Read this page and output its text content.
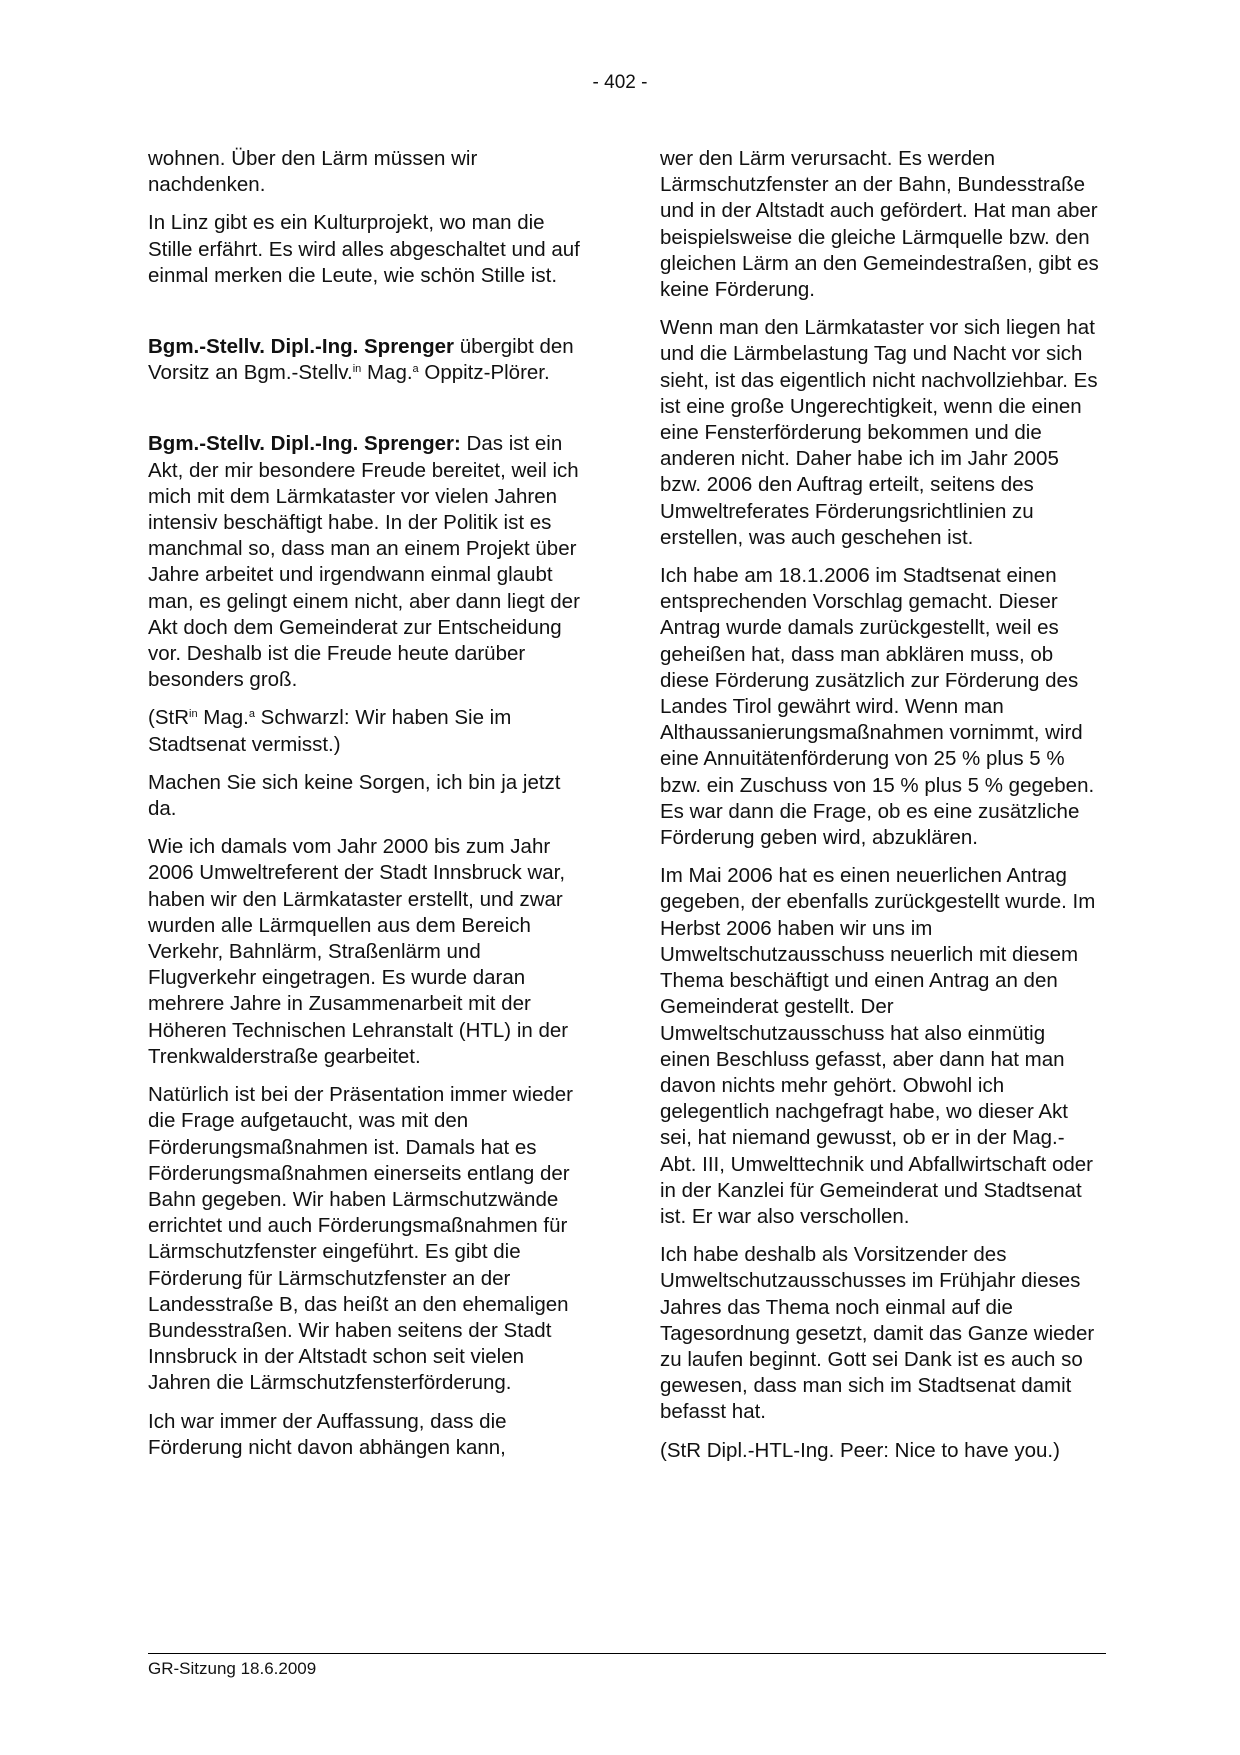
- 402 -

wohnen. Über den Lärm müssen wir nachdenken.

In Linz gibt es ein Kulturprojekt, wo man die Stille erfährt. Es wird alles abgeschaltet und auf einmal merken die Leute, wie schön Stille ist.

Bgm.-Stellv. Dipl.-Ing. Sprenger übergibt den Vorsitz an Bgm.-Stellv.$^{in}$ Mag.$^a$ Oppitz-Plörer.

Bgm.-Stellv. Dipl.-Ing. Sprenger: Das ist ein Akt, der mir besondere Freude bereitet, weil ich mich mit dem Lärmkataster vor vielen Jahren intensiv beschäftigt habe. In der Politik ist es manchmal so, dass man an einem Projekt über Jahre arbeitet und irgendwann einmal glaubt man, es gelingt einem nicht, aber dann liegt der Akt doch dem Gemeinderat zur Entscheidung vor. Deshalb ist die Freude heute darüber besonders groß.

(StR$^{in}$ Mag.$^a$ Schwarzl: Wir haben Sie im Stadtsenat vermisst.)

Machen Sie sich keine Sorgen, ich bin ja jetzt da.

Wie ich damals vom Jahr 2000 bis zum Jahr 2006 Umweltreferent der Stadt Innsbruck war, haben wir den Lärmkataster erstellt, und zwar wurden alle Lärmquellen aus dem Bereich Verkehr, Bahnlärm, Straßenlärm und Flugverkehr eingetragen. Es wurde daran mehrere Jahre in Zusammenarbeit mit der Höheren Technischen Lehranstalt (HTL) in der Trenkwalderstraße gearbeitet.

Natürlich ist bei der Präsentation immer wieder die Frage aufgetaucht, was mit den Förderungsmaßnahmen ist. Damals hat es Förderungsmaßnahmen einerseits entlang der Bahn gegeben. Wir haben Lärmschutzwände errichtet und auch Förderungsmaßnahmen für Lärmschutzfenster eingeführt. Es gibt die Förderung für Lärmschutzfenster an der Landesstraße B, das heißt an den ehemaligen Bundesstraßen. Wir haben seitens der Stadt Innsbruck in der Altstadt schon seit vielen Jahren die Lärmschutzfensterförderung.

Ich war immer der Auffassung, dass die Förderung nicht davon abhängen kann,

wer den Lärm verursacht. Es werden Lärmschutzfenster an der Bahn, Bundesstraße und in der Altstadt auch gefördert. Hat man aber beispielsweise die gleiche Lärmquelle bzw. den gleichen Lärm an den Gemeindestraßen, gibt es keine Förderung.

Wenn man den Lärmkataster vor sich liegen hat und die Lärmbelastung Tag und Nacht vor sich sieht, ist das eigentlich nicht nachvollziehbar. Es ist eine große Ungerechtigkeit, wenn die einen eine Fensterförderung bekommen und die anderen nicht. Daher habe ich im Jahr 2005 bzw. 2006 den Auftrag erteilt, seitens des Umweltreferates Förderungsrichtlinien zu erstellen, was auch geschehen ist.

Ich habe am 18.1.2006 im Stadtsenat einen entsprechenden Vorschlag gemacht. Dieser Antrag wurde damals zurückgestellt, weil es geheißen hat, dass man abklären muss, ob diese Förderung zusätzlich zur Förderung des Landes Tirol gewährt wird. Wenn man Althaussanierungsmaßnahmen vornimmt, wird eine Annuitätenförderung von 25 % plus 5 % bzw. ein Zuschuss von 15 % plus 5 % gegeben. Es war dann die Frage, ob es eine zusätzliche Förderung geben wird, abzuklären.

Im Mai 2006 hat es einen neuerlichen Antrag gegeben, der ebenfalls zurückgestellt wurde. Im Herbst 2006 haben wir uns im Umweltschutzausschuss neuerlich mit diesem Thema beschäftigt und einen Antrag an den Gemeinderat gestellt. Der Umweltschutzausschuss hat also einmütig einen Beschluss gefasst, aber dann hat man davon nichts mehr gehört. Obwohl ich gelegentlich nachgefragt habe, wo dieser Akt sei, hat niemand gewusst, ob er in der Mag.-Abt. III, Umwelttechnik und Abfallwirtschaft oder in der Kanzlei für Gemeinderat und Stadtsenat ist. Er war also verschollen.

Ich habe deshalb als Vorsitzender des Umweltschutzausschusses im Frühjahr dieses Jahres das Thema noch einmal auf die Tagesordnung gesetzt, damit das Ganze wieder zu laufen beginnt. Gott sei Dank ist es auch so gewesen, dass man sich im Stadtsenat damit befasst hat.

(StR Dipl.-HTL-Ing. Peer: Nice to have you.)

GR-Sitzung 18.6.2009
